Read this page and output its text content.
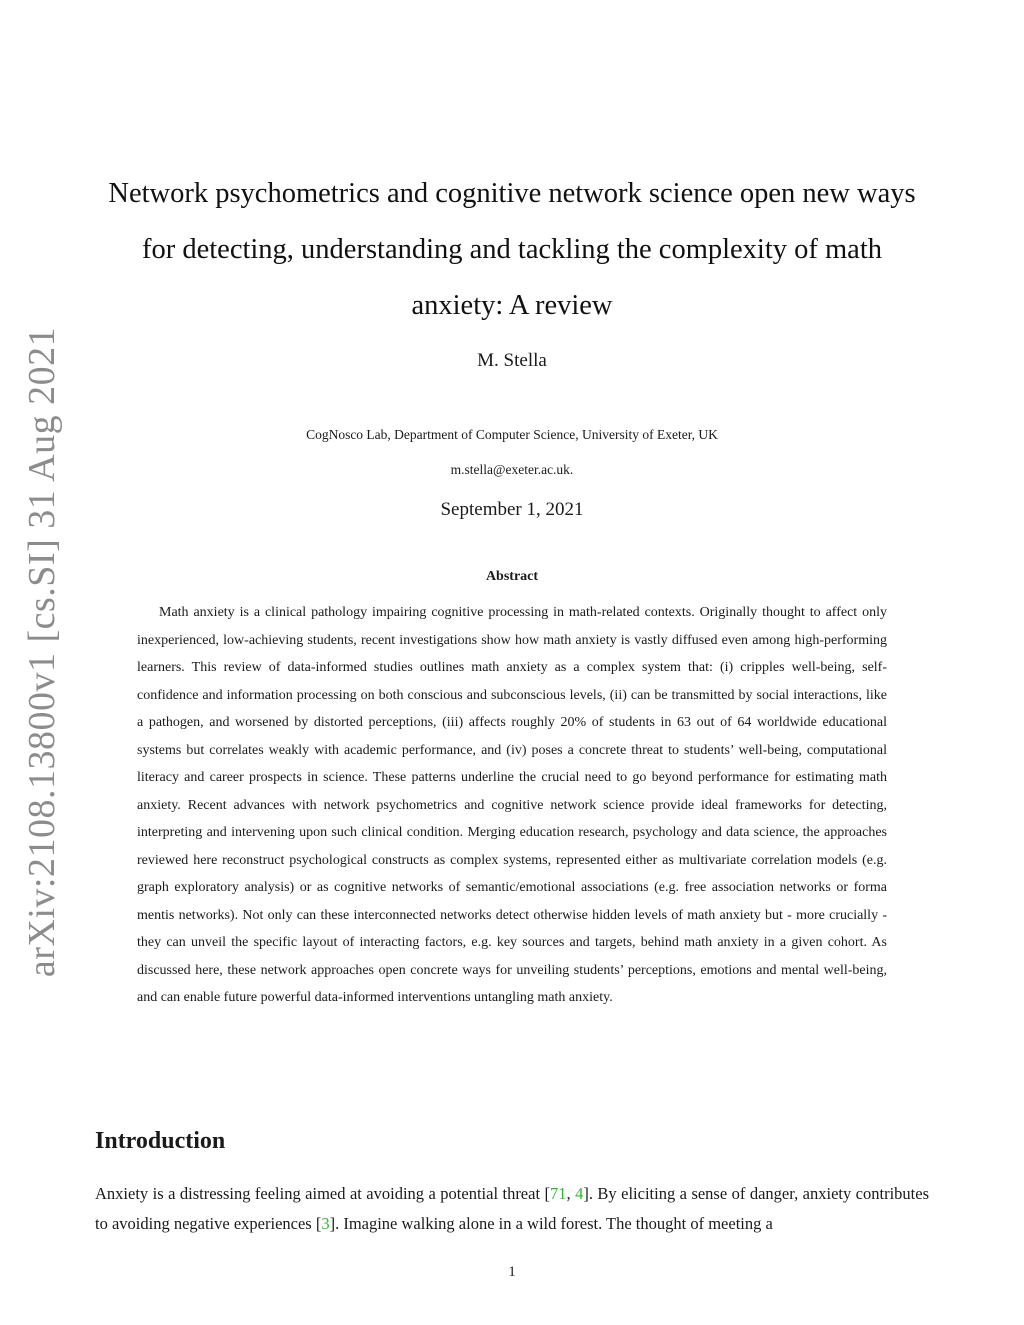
arXiv:2108.13800v1 [cs.SI] 31 Aug 2021
Network psychometrics and cognitive network science open new ways for detecting, understanding and tackling the complexity of math anxiety: A review
M. Stella
CogNosco Lab, Department of Computer Science, University of Exeter, UK
m.stella@exeter.ac.uk.
September 1, 2021
Abstract

Math anxiety is a clinical pathology impairing cognitive processing in math-related contexts. Originally thought to affect only inexperienced, low-achieving students, recent investigations show how math anxiety is vastly diffused even among high-performing learners. This review of data-informed studies outlines math anxiety as a complex system that: (i) cripples well-being, self-confidence and information processing on both conscious and subconscious levels, (ii) can be transmitted by social interactions, like a pathogen, and worsened by distorted perceptions, (iii) affects roughly 20% of students in 63 out of 64 worldwide educational systems but correlates weakly with academic performance, and (iv) poses a concrete threat to students’ well-being, computational literacy and career prospects in science. These patterns underline the crucial need to go beyond performance for estimating math anxiety. Recent advances with network psychometrics and cognitive network science provide ideal frameworks for detecting, interpreting and intervening upon such clinical condition. Merging education research, psychology and data science, the approaches reviewed here reconstruct psychological constructs as complex systems, represented either as multivariate correlation models (e.g. graph exploratory analysis) or as cognitive networks of semantic/emotional associations (e.g. free association networks or forma mentis networks). Not only can these interconnected networks detect otherwise hidden levels of math anxiety but - more crucially - they can unveil the specific layout of interacting factors, e.g. key sources and targets, behind math anxiety in a given cohort. As discussed here, these network approaches open concrete ways for unveiling students’ perceptions, emotions and mental well-being, and can enable future powerful data-informed interventions untangling math anxiety.

Introduction

Anxiety is a distressing feeling aimed at avoiding a potential threat [71, 4]. By eliciting a sense of danger, anxiety contributes to avoiding negative experiences [3]. Imagine walking alone in a wild forest. The thought of meeting a

1
